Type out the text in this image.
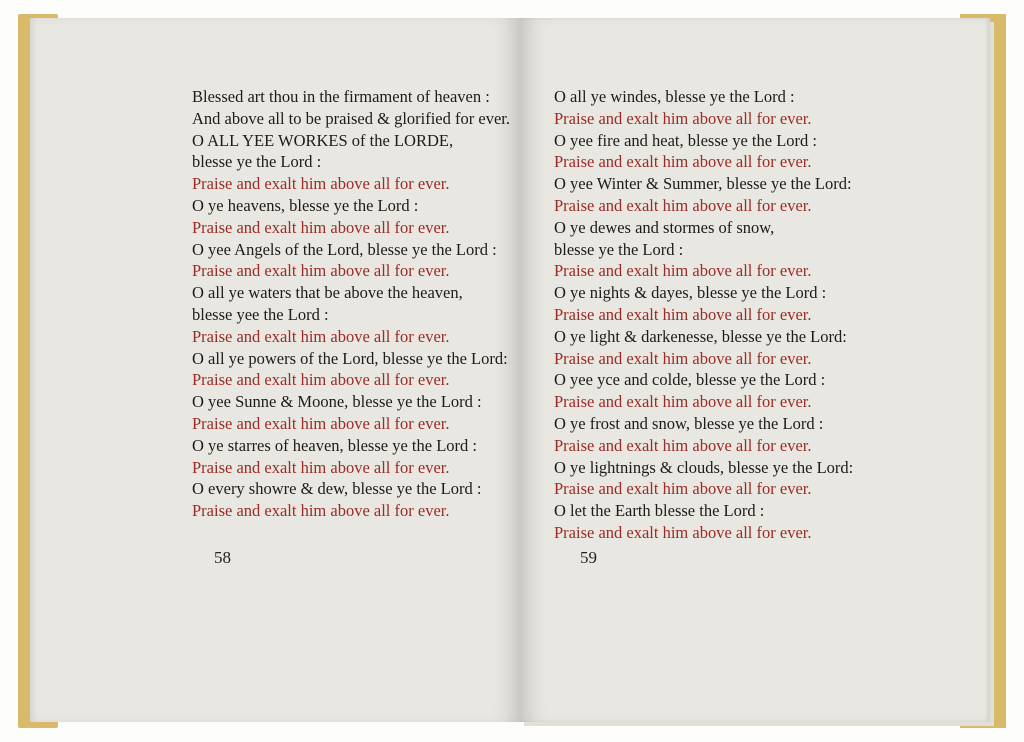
Blessed art thou in the firmament of heaven :
And above all to be praised & glorified for ever.
O ALL YEE WORKES of the LORDE,
blesse ye the Lord :
Praise and exalt him above all for ever.
O ye heavens, blesse ye the Lord :
Praise and exalt him above all for ever.
O yee Angels of the Lord, blesse ye the Lord :
Praise and exalt him above all for ever.
O all ye waters that be above the heaven,
blesse yee the Lord :
Praise and exalt him above all for ever.
O all ye powers of the Lord, blesse ye the Lord:
Praise and exalt him above all for ever.
O yee Sunne & Moone, blesse ye the Lord :
Praise and exalt him above all for ever.
O ye starres of heaven, blesse ye the Lord :
Praise and exalt him above all for ever.
O every showre & dew, blesse ye the Lord :
Praise and exalt him above all for ever.
O all ye windes, blesse ye the Lord :
Praise and exalt him above all for ever.
O yee fire and heat, blesse ye the Lord :
Praise and exalt him above all for ever.
O yee Winter & Summer, blesse ye the Lord:
Praise and exalt him above all for ever.
O ye dewes and stormes of snow,
blesse ye the Lord :
Praise and exalt him above all for ever.
O ye nights & dayes, blesse ye the Lord :
Praise and exalt him above all for ever.
O ye light & darkenesse, blesse ye the Lord:
Praise and exalt him above all for ever.
O yee yce and colde, blesse ye the Lord :
Praise and exalt him above all for ever.
O ye frost and snow, blesse ye the Lord :
Praise and exalt him above all for ever.
O ye lightnings & clouds, blesse ye the Lord:
Praise and exalt him above all for ever.
O let the Earth blesse the Lord :
Praise and exalt him above all for ever.
58	59
